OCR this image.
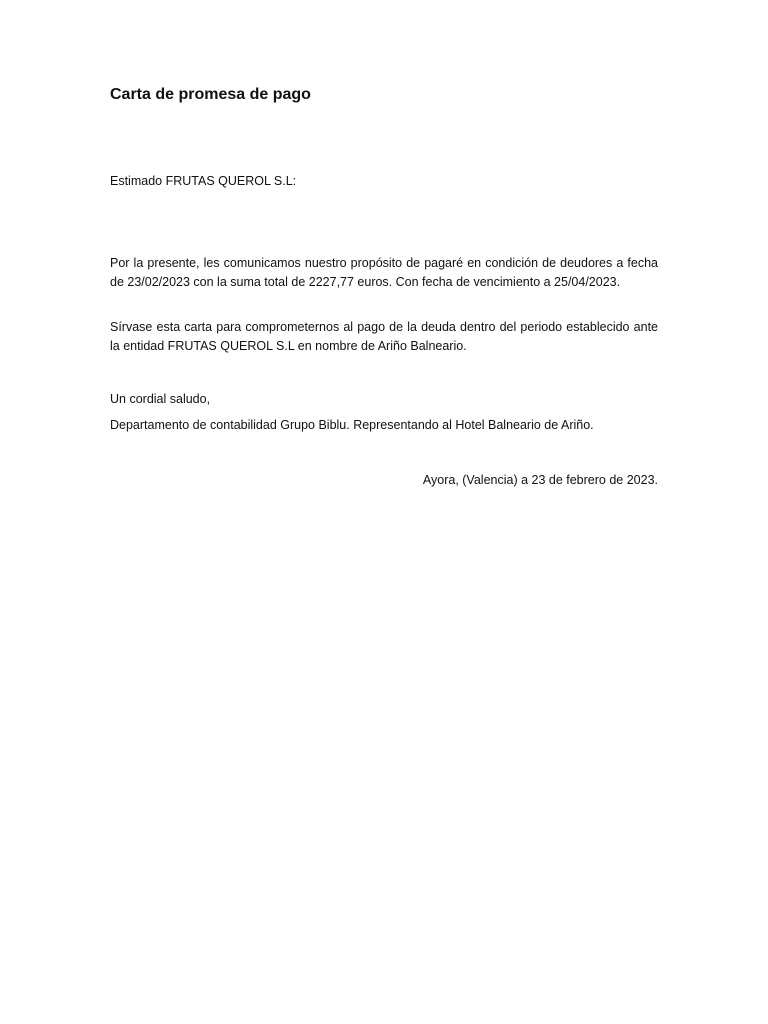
Carta de promesa de pago

Estimado FRUTAS QUEROL S.L:

Por la presente, les comunicamos nuestro propósito de pagaré en condición de deudores a fecha de 23/02/2023 con la suma total de 2227,77 euros. Con fecha de vencimiento a 25/04/2023.

Sírvase esta carta para comprometernos al pago de la deuda dentro del periodo establecido ante la entidad FRUTAS QUEROL S.L en nombre de Ariño Balneario.

Un cordial saludo,

Departamento de contabilidad Grupo Biblu. Representando al Hotel Balneario de Ariño.

Ayora, (Valencia) a 23 de febrero de 2023.
